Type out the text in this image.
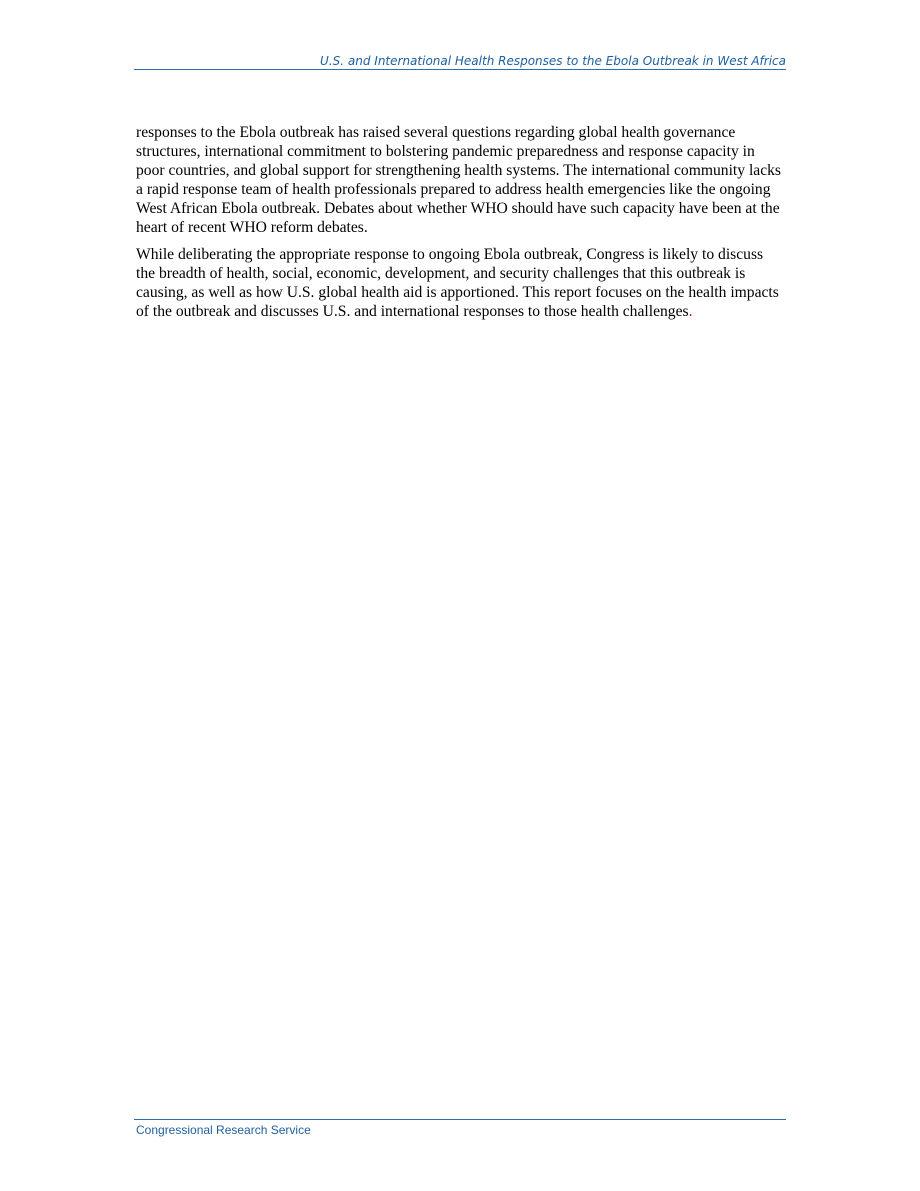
U.S. and International Health Responses to the Ebola Outbreak in West Africa

responses to the Ebola outbreak has raised several questions regarding global health governance structures, international commitment to bolstering pandemic preparedness and response capacity in poor countries, and global support for strengthening health systems. The international community lacks a rapid response team of health professionals prepared to address health emergencies like the ongoing West African Ebola outbreak. Debates about whether WHO should have such capacity have been at the heart of recent WHO reform debates.

While deliberating the appropriate response to ongoing Ebola outbreak, Congress is likely to discuss the breadth of health, social, economic, development, and security challenges that this outbreak is causing, as well as how U.S. global health aid is apportioned. This report focuses on the health impacts of the outbreak and discusses U.S. and international responses to those health challenges.

Congressional Research Service
